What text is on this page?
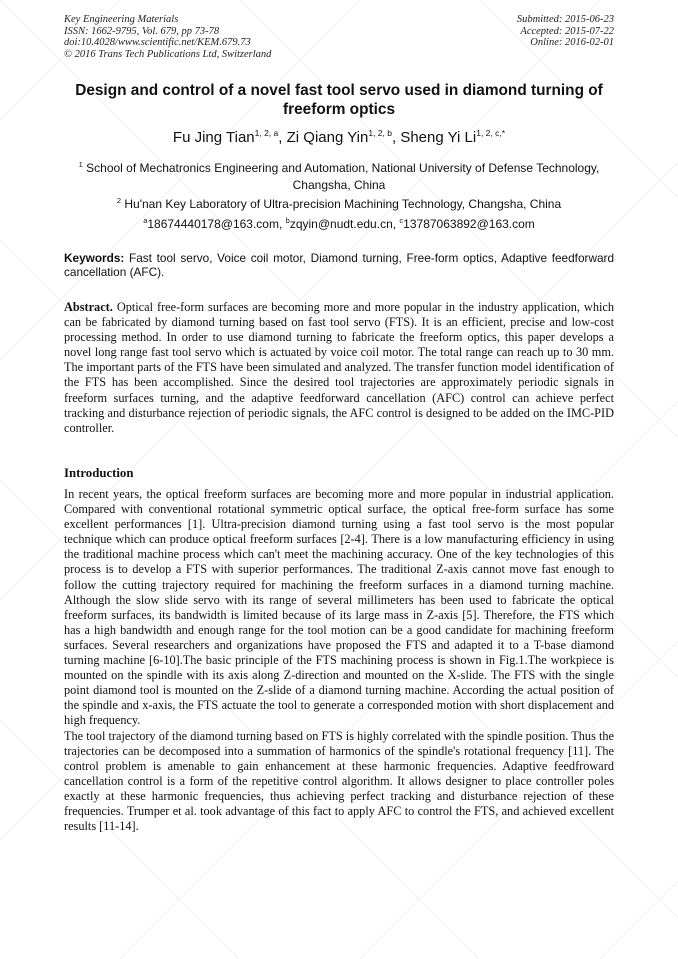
Key Engineering Materials
ISSN: 1662-9795, Vol. 679, pp 73-78
doi:10.4028/www.scientific.net/KEM.679.73
© 2016 Trans Tech Publications Ltd, Switzerland
Submitted: 2015-06-23
Accepted: 2015-07-22
Online: 2016-02-01
Design and control of a novel fast tool servo used in diamond turning of freeform optics
Fu Jing Tian$^{1, 2, a}$, Zi Qiang Yin$^{1, 2, b}$, Sheng Yi $Li^{1, 2, c,*}$
$^1$ School of Mechatronics Engineering and Automation, National University of Defense Technology, Changsha, China
$^2$ Hu'nan Key Laboratory of Ultra-precision Machining Technology, Changsha, China
$^a$18674440178@163.com, $^b$zqyin@nudt.edu.cn, $^c$13787063892@163.com
Keywords: Fast tool servo, Voice coil motor, Diamond turning, Free-form optics, Adaptive feedforward cancellation (AFC).
Abstract. Optical free-form surfaces are becoming more and more popular in the industry application, which can be fabricated by diamond turning based on fast tool servo (FTS). It is an efficient, precise and low-cost processing method. In order to use diamond turning to fabricate the freeform optics, this paper develops a novel long range fast tool servo which is actuated by voice coil motor. The total range can reach up to 30 mm. The important parts of the FTS have been simulated and analyzed. The transfer function model identification of the FTS has been accomplished. Since the desired tool trajectories are approximately periodic signals in freeform surfaces turning, and the adaptive feedforward cancellation (AFC) control can achieve perfect tracking and disturbance rejection of periodic signals, the AFC control is designed to be added on the IMC-PID controller.
Introduction

In recent years, the optical freeform surfaces are becoming more and more popular in industrial application. Compared with conventional rotational symmetric optical surface, the optical free-form surface has some excellent performances [1]. Ultra-precision diamond turning using a fast tool servo is the most popular technique which can produce optical freeform surfaces [2-4]. There is a low manufacturing efficiency in using the traditional machine process which can't meet the machining accuracy. One of the key technologies of this process is to develop a FTS with superior performances. The traditional Z-axis cannot move fast enough to follow the cutting trajectory required for machining the freeform surfaces in a diamond turning machine. Although the slow slide servo with its range of several millimeters has been used to fabricate the optical freeform surfaces, its bandwidth is limited because of its large mass in Z-axis [5]. Therefore, the FTS which has a high bandwidth and enough range for the tool motion can be a good candidate for machining freeform surfaces. Several researchers and organizations have proposed the FTS and adapted it to a T-base diamond turning machine [6-10].The basic principle of the FTS machining process is shown in Fig.1.The workpiece is mounted on the spindle with its axis along Z-direction and mounted on the X-slide. The FTS with the single point diamond tool is mounted on the Z-slide of a diamond turning machine. According the actual position of the spindle and x-axis, the FTS actuate the tool to generate a corresponded motion with short displacement and high frequency.

The tool trajectory of the diamond turning based on FTS is highly correlated with the spindle position. Thus the trajectories can be decomposed into a summation of harmonics of the spindle's rotational frequency [11]. The control problem is amenable to gain enhancement at these harmonic frequencies. Adaptive feedfroward cancellation control is a form of the repetitive control algorithm. It allows designer to place controller poles exactly at these harmonic frequencies, thus achieving perfect tracking and disturbance rejection of these frequencies. Trumper et al. took advantage of this fact to apply AFC to control the FTS, and achieved excellent results [11-14].
